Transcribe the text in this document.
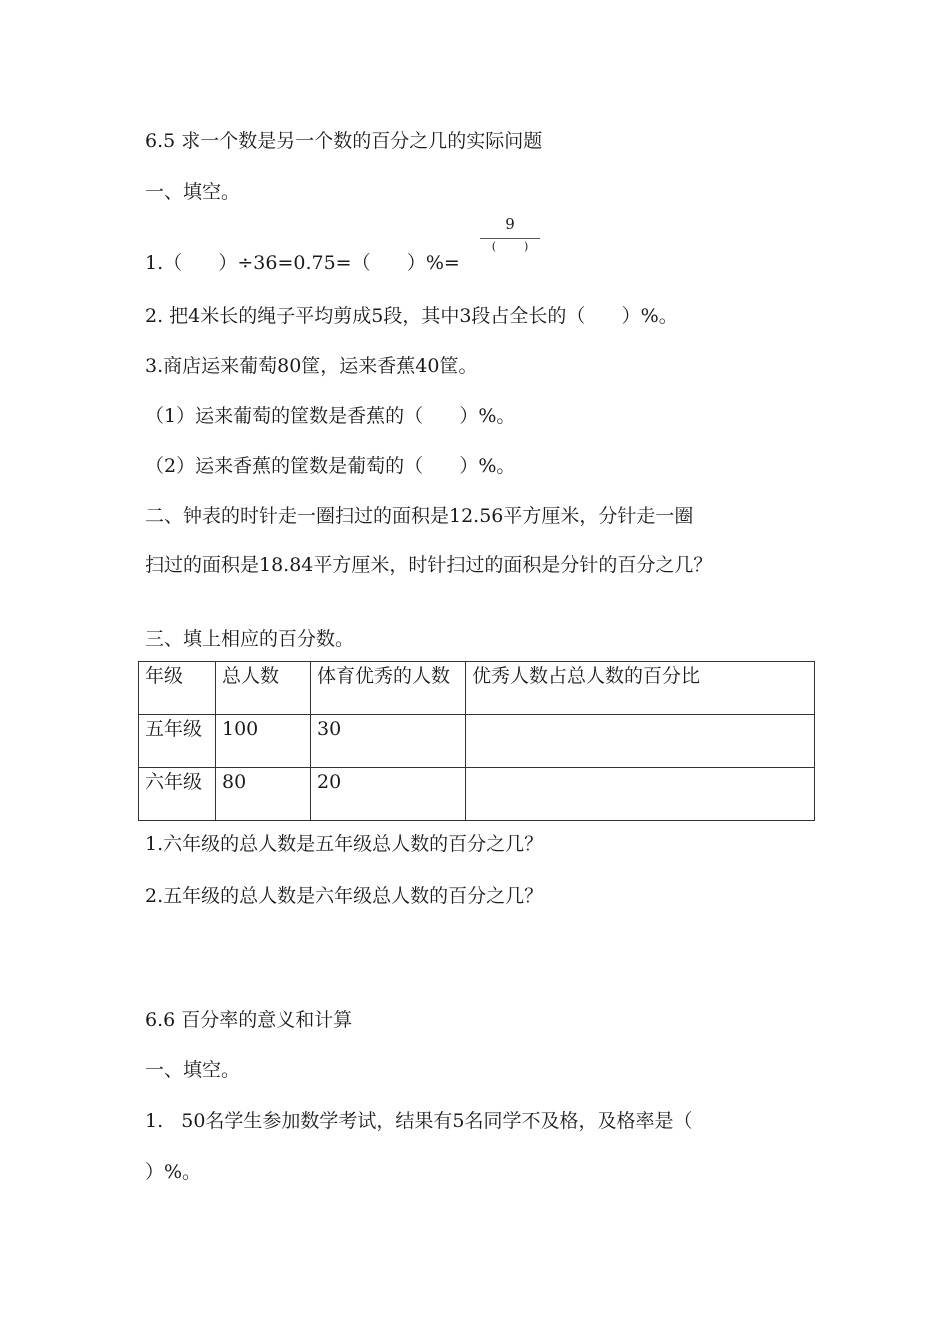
6.5 求一个数是另一个数的百分之几的实际问题
一、填空。
1.（      ）÷36=0.75=（      ）%=
9
(        )
2. 把4米长的绳子平均剪成5段，其中3段占全长的（      ）%。
3.商店运来葡萄80筐，运来香蕉40筐。
（1）运来葡萄的筐数是香蕉的（      ）%。
（2）运来香蕉的筐数是葡萄的（      ）%。
二、钟表的时针走一圈扫过的面积是12.56平方厘米，分针走一圈
扫过的面积是18.84平方厘米，时针扫过的面积是分针的百分之几？
三、填上相应的百分数。
年级	总人数	体育优秀的人数	优秀人数占总人数的百分比
五年级	100	30	
六年级	80	20	
1.六年级的总人数是五年级总人数的百分之几？
2.五年级的总人数是六年级总人数的百分之几？
6.6 百分率的意义和计算
一、填空。
1.   50名学生参加数学考试，结果有5名同学不及格，及格率是（
）%。
